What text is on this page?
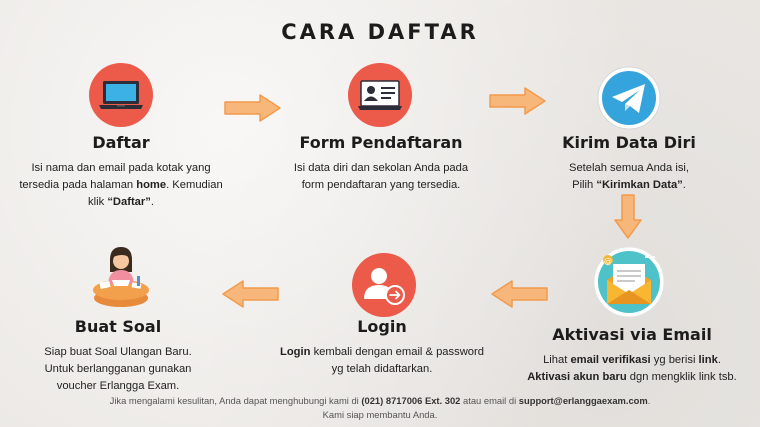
CARA DAFTAR
Daftar
Isi nama dan email pada kotak yang
tersedia pada halaman home. Kemudian
klik “Daftar”.
Form Pendaftaran
Isi data diri dan sekolan Anda pada
form pendaftaran yang tersedia.
Kirim Data Diri
Setelah semua Anda isi,
Pilih “Kirimkan Data”.
@
Aktivasi via Email
Lihat email verifikasi yg berisi link.
Aktivasi akun baru dgn mengklik link tsb.
Login
Login kembali dengan email & password
yg telah didaftarkan.
Buat Soal
Siap buat Soal Ulangan Baru.
Untuk berlangganan gunakan
voucher Erlangga Exam.
Jika mengalami kesulitan, Anda dapat menghubungi kami di (021) 8717006 Ext. 302 atau email di support@erlanggaexam.com.
Kami siap membantu Anda.
